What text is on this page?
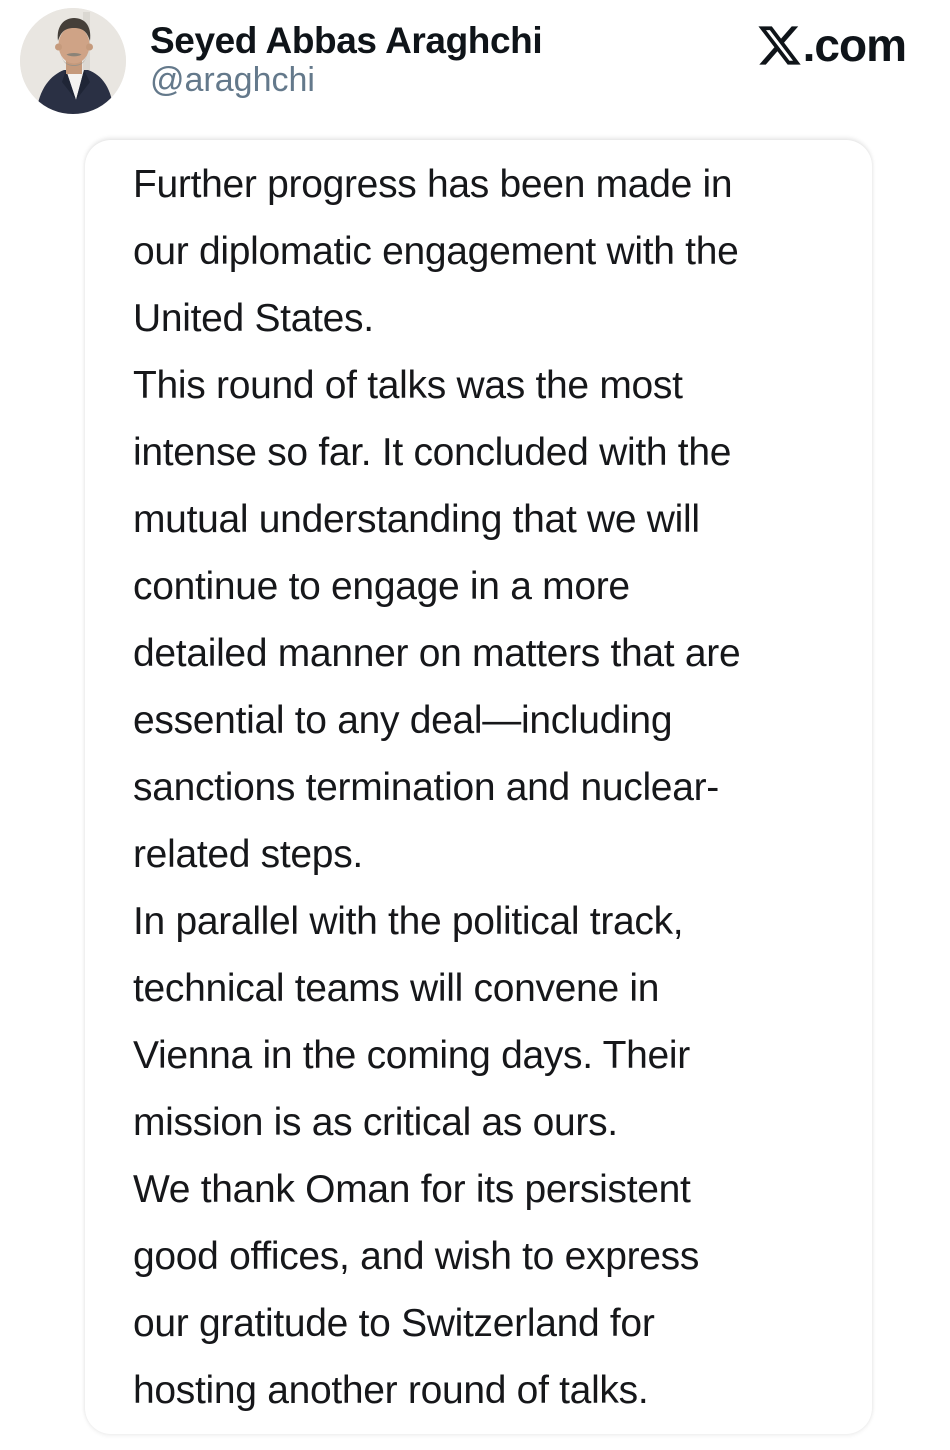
Seyed Abbas Araghchi
@araghchi
.com
Further progress has been made in
our diplomatic engagement with the
United States.
This round of talks was the most
intense so far. It concluded with the
mutual understanding that we will
continue to engage in a more
detailed manner on matters that are
essential to any deal—including
sanctions termination and nuclear-
related steps.
In parallel with the political track,
technical teams will convene in
Vienna in the coming days. Their
mission is as critical as ours.
We thank Oman for its persistent
good offices, and wish to express
our gratitude to Switzerland for
hosting another round of talks.
